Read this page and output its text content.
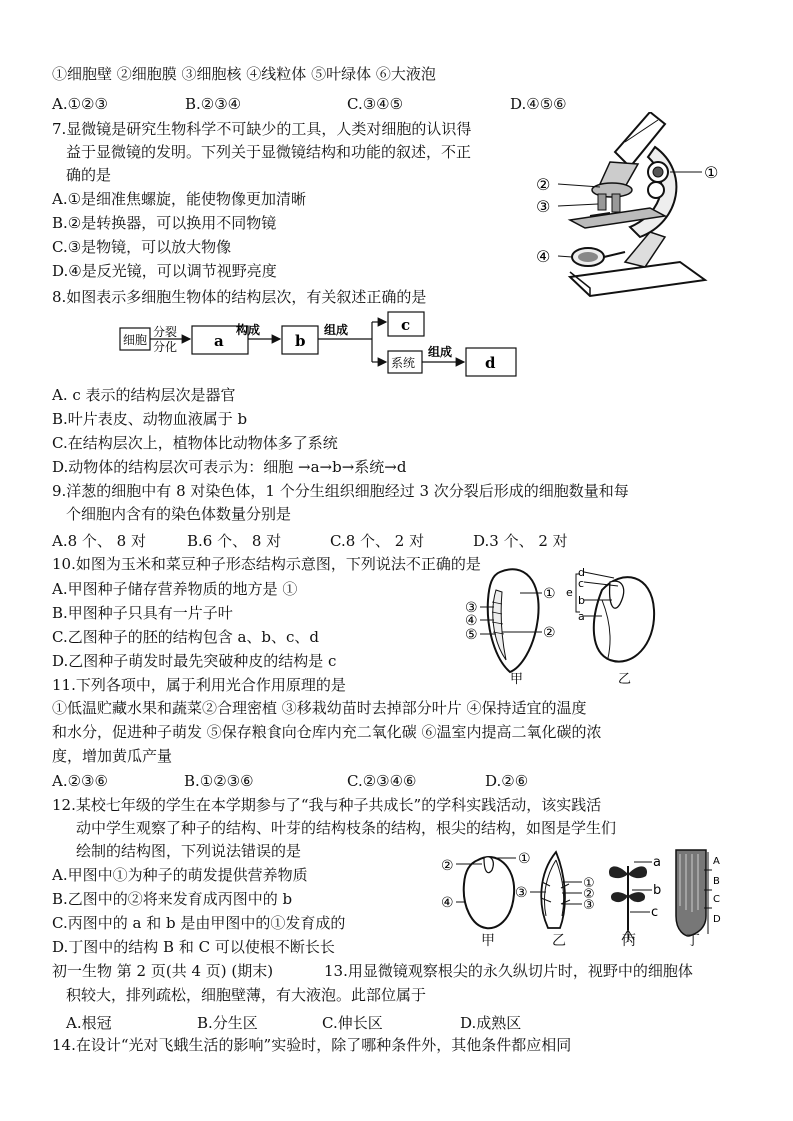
①细胞壁 ②细胞膜 ③细胞核 ④线粒体 ⑤叶绿体 ⑥大液泡
A.①②③	B.②③④	C.③④⑤	D.④⑤⑥
7.显微镜是研究生物科学不可缺少的工具，人类对细胞的认识得
益于显微镜的发明。下列关于显微镜结构和功能的叙述，不正
确的是
A.①是细准焦螺旋，能使物像更加清晰
B.②是转换器，可以换用不同物镜
C.③是物镜，可以放大物像
D.④是反光镜，可以调节视野亮度
①
②
③
④
8.如图表示多细胞生物体的结构层次，有关叙述正确的是
细胞
分裂
分化 a
构成
b
组成	c
系统
组成
d
A. c 表示的结构层次是器官
B.叶片表皮、动物血液属于 b
C.在结构层次上，植物体比动物体多了系统
D.动物体的结构层次可表示为：细胞 →a→b→系统→d
9.洋葱的细胞中有 8 对染色体，1 个分生组织细胞经过 3 次分裂后形成的细胞数量和每
个细胞内含有的染色体数量分别是
A.8 个、 8 对	B.6 个、 8 对	C.8 个、 2 对	D.3 个、 2 对
10.如图为玉米和菜豆种子形态结构示意图，下列说法不正确的是
A.甲图种子储存营养物质的地方是 ①
B.甲图种子只具有一片子叶
C.乙图种子的胚的结构包含 a、b、c、d
D.乙图种子萌发时最先突破种皮的结构是 c
①
②
③
④
⑤
d
c
e
b
a
甲	乙
11.下列各项中，属于利用光合作用原理的是
①低温贮藏水果和蔬菜②合理密植 ③移栽幼苗时去掉部分叶片 ④保持适宜的温度
和水分，促进种子萌发 ⑤保存粮食向仓库内充二氧化碳 ⑥温室内提高二氧化碳的浓
度，增加黄瓜产量
A.②③⑥	B.①②③⑥	C.②③④⑥	D.②⑥
12.某校七年级的学生在本学期参与了“我与种子共成长”的学科实践活动，该实践活
动中学生观察了种子的结构、叶芽的结构枝条的结构，根尖的结构，如图是学生们
绘制的结构图，下列说法错误的是
A.甲图中①为种子的萌发提供营养物质
B.乙图中的②将来发育成丙图中的 b
C.丙图中的 a 和 b 是由甲图中的①发育成的
D.丁图中的结构 B 和 C 可以使根不断长长
②	①
④
③
①
②
③
a
b
c
A
B
C
D
甲	乙	丙	丁
初一生物 第 2 页(共 4 页) (期末)	13.用显微镜观察根尖的永久纵切片时，视野中的细胞体
积较大，排列疏松，细胞壁薄，有大液泡。此部位属于
A.根冠	B.分生区	C.伸长区	D.成熟区
14.在设计“光对飞蛾生活的影响”实验时，除了哪种条件外，其他条件都应相同
